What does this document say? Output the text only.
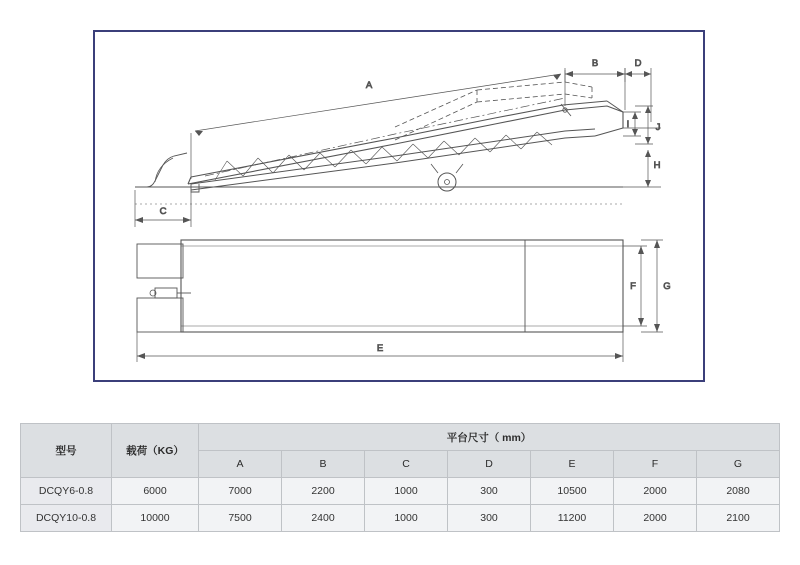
A
B	D
I	J
H
C
F	G
E
型号	载荷（KG）	平台尺寸（ mm）						
		A	B	C	D	E	F	G
DCQY6-0.8	6000	7000	2200	1000	300	10500	2000	2080
DCQY10-0.8	10000	7500	2400	1000	300	11200	2000	2100
